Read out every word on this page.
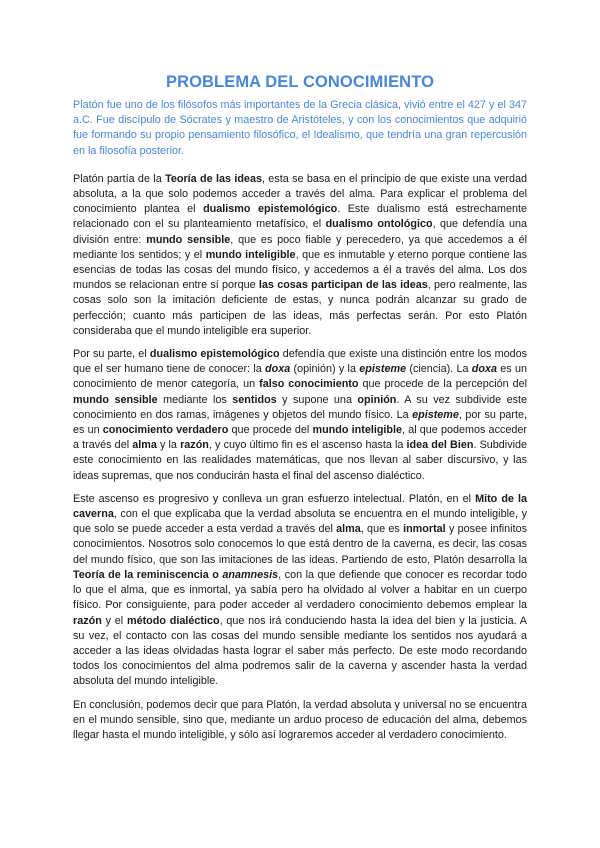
PROBLEMA DEL CONOCIMIENTO

Platón fue uno de los filósofos más importantes de la Grecia clásica, vivió entre el 427 y el 347 a.C. Fue discípulo de Sócrates y maestro de Aristóteles, y con los conocimientos que adquirió fue formando su propio pensamiento filosófico, el Idealismo, que tendría una gran repercusión en la filosofía posterior.

Platón partía de la Teoría de las ideas, esta se basa en el principio de que existe una verdad absoluta, a la que solo podemos acceder a través del alma. Para explicar el problema del conocimiento plantea el dualismo epistemológico. Este dualismo está estrechamente relacionado con el su planteamiento metafísico, el dualismo ontológico, que defendía una división entre: mundo sensible, que es poco fiable y perecedero, ya que accedemos a él mediante los sentidos; y el mundo inteligible, que es inmutable y eterno porque contiene las esencias de todas las cosas del mundo físico, y accedemos a él a través del alma. Los dos mundos se relacionan entre sí porque las cosas participan de las ideas, pero realmente, las cosas solo son la imitación deficiente de estas, y nunca podrán alcanzar su grado de perfección; cuanto más participen de las ideas, más perfectas serán. Por esto Platón consideraba que el mundo inteligible era superior.

Por su parte, el dualismo epistemológico defendía que existe una distinción entre los modos que el ser humano tiene de conocer: la doxa (opinión) y la episteme (ciencia). La doxa es un conocimiento de menor categoría, un falso conocimiento que procede de la percepción del mundo sensible mediante los sentidos y supone una opinión. A su vez subdivide este conocimiento en dos ramas, imágenes y objetos del mundo físico. La episteme, por su parte, es un conocimiento verdadero que procede del mundo inteligible, al que podemos acceder a través del alma y la razón, y cuyo último fin es el ascenso hasta la idea del Bien. Subdivide este conocimiento en las realidades matemáticas, que nos llevan al saber discursivo, y las ideas supremas, que nos conducirán hasta el final del ascenso dialéctico.

Este ascenso es progresivo y conlleva un gran esfuerzo intelectual. Platón, en el Mito de la caverna, con el que explicaba que la verdad absoluta se encuentra en el mundo inteligible, y que solo se puede acceder a esta verdad a través del alma, que es inmortal y posee infinitos conocimientos. Nosotros solo conocemos lo que está dentro de la caverna, es decir, las cosas del mundo físico, que son las imitaciones de las ideas. Partiendo de esto, Platón desarrolla la Teoría de la reminiscencia o anamnesis, con la que defiende que conocer es recordar todo lo que el alma, que es inmortal, ya sabía pero ha olvidado al volver a habitar en un cuerpo físico. Por consiguiente, para poder acceder al verdadero conocimiento debemos emplear la razón y el método dialéctico, que nos irá conduciendo hasta la idea del bien y la justicia. A su vez, el contacto con las cosas del mundo sensible mediante los sentidos nos ayudará a acceder a las ideas olvidadas hasta lograr el saber más perfecto. De este modo recordando todos los conocimientos del alma podremos salir de la caverna y ascender hasta la verdad absoluta del mundo inteligible.

En conclusión, podemos decir que para Platón, la verdad absoluta y universal no se encuentra en el mundo sensible, sino que, mediante un arduo proceso de educación del alma, debemos llegar hasta el mundo inteligible, y sólo así lograremos acceder al verdadero conocimiento.
